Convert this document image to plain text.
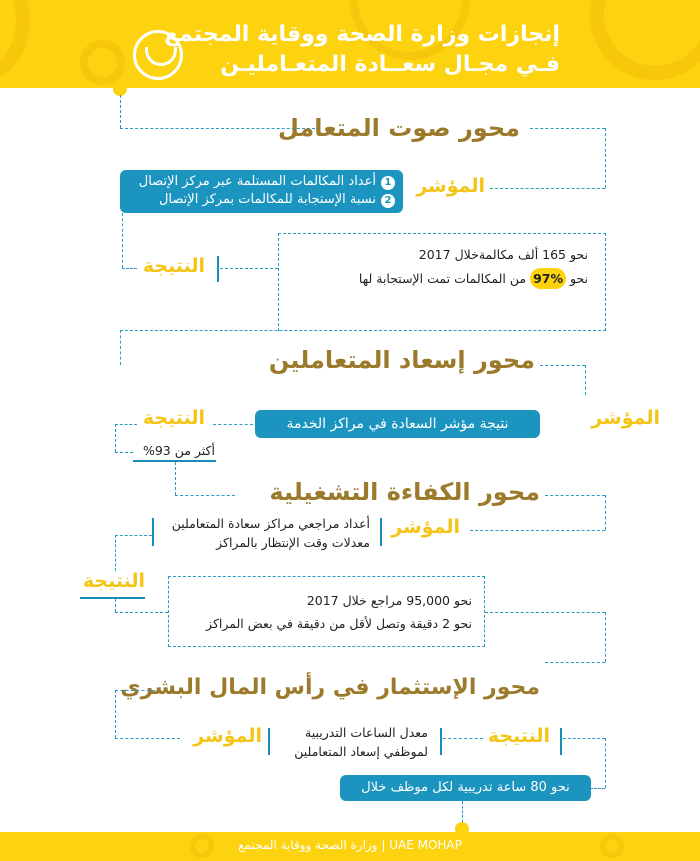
إنجازات وزارة الصحة ووقاية المجتمع
فـي مجـال سعــادة المتعـامليـن
محور صوت المتعامل
المؤشر
1أعداد المكالمات المستلمة عبر مركز الإتصال
2نسبة الإستجابة للمكالمات بمركز الإتصال
النتيجة
نحو 165 ألف مكالمةخلال 2017
نحو 97% من المكالمات تمت الإستجابة لها
محور إسعاد المتعاملين
المؤشر
نتيجة مؤشر السعادة في مراكز الخدمة
النتيجة
أكثر من 93%
محور الكفاءة التشغيلية
المؤشر
أعداد مراجعي مراكز سعادة المتعاملين
معدلات وقت الإنتظار بالمراكز
النتيجة
نحو 95,000 مراجع خلال 2017
نحو 2 دقيقة وتصل لأقل من دقيقة في بعض المراكز
محور الإستثمار في رأس المال البشري
المؤشر	معدل الساعات التدريبية
لموظفي إسعاد المتعاملين
النتيجة
نحو 80 ساعة تدريبية لكل موظف خلال 2017
وزارة الصحة ووقاية المجتمع | UAE MOHAP
